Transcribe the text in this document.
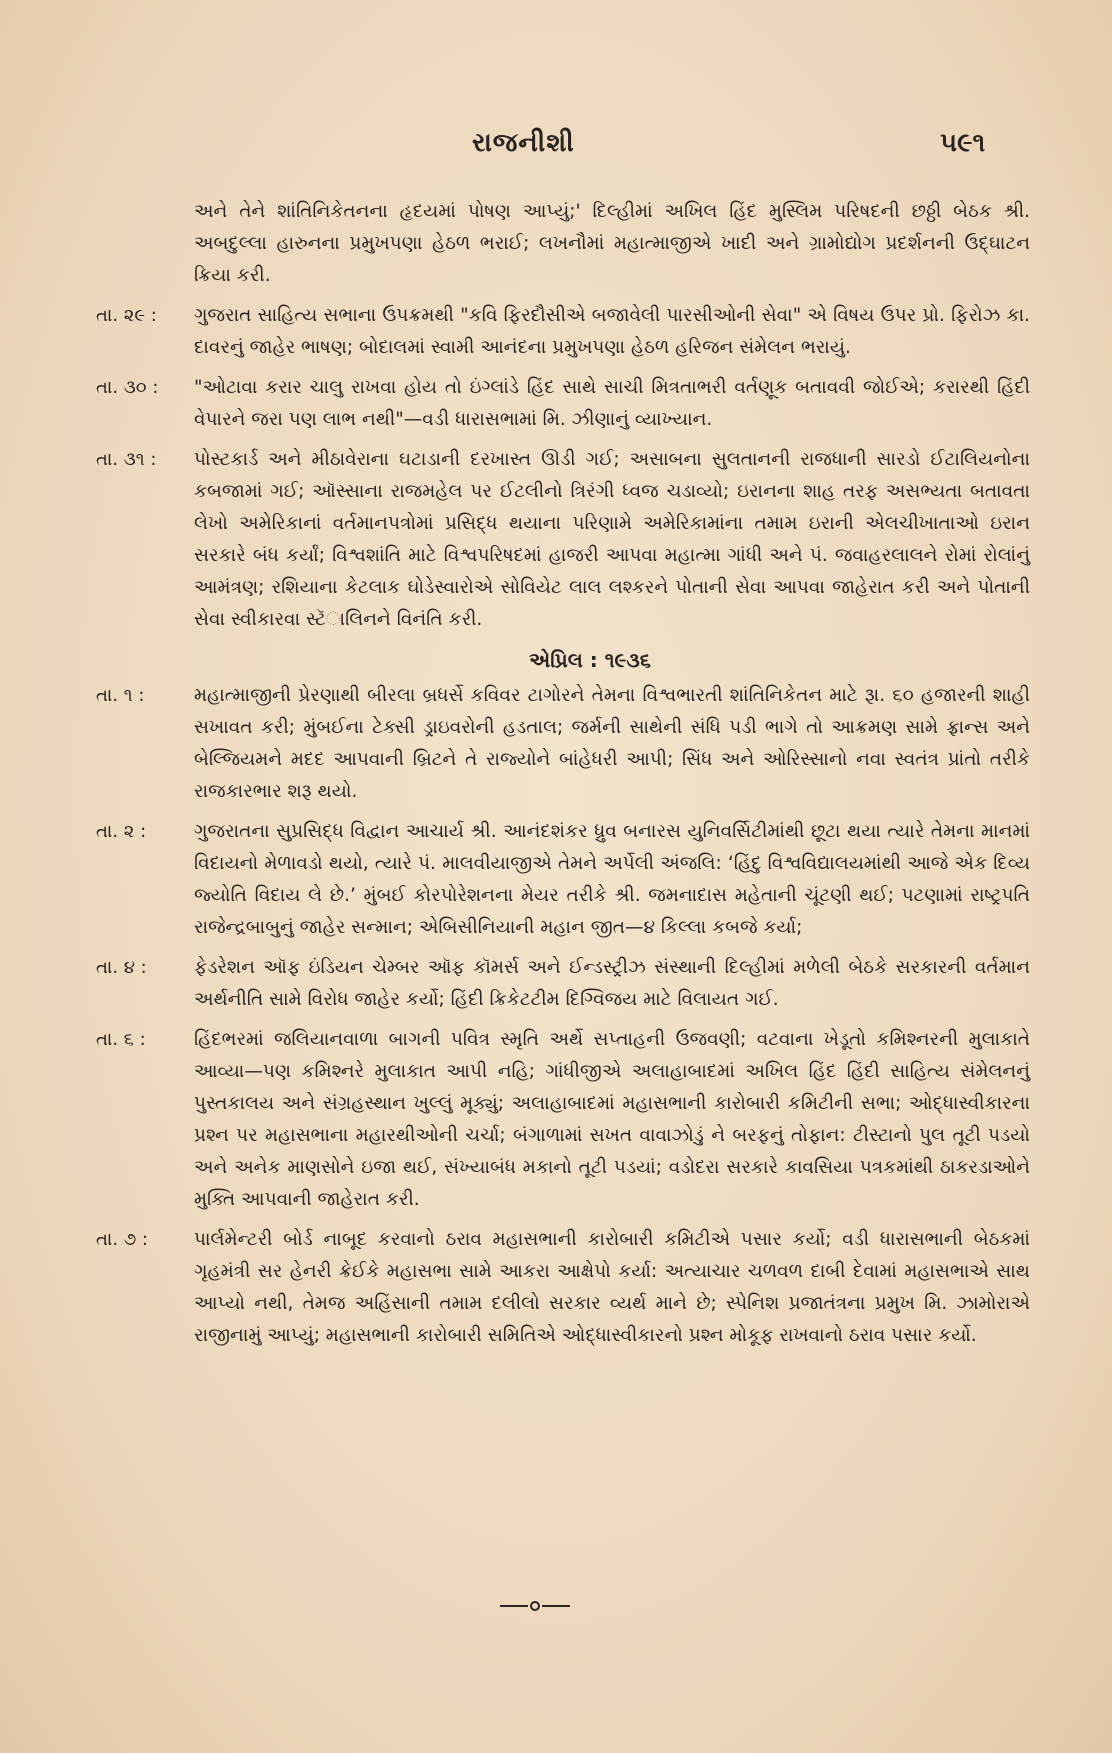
રાજનીશી	૫૯૧
અને તેને શાંતિનિકેતનના હૃદયમાં પોષણ આપ્યું;' દિલ્હીમાં અખિલ હિંદ મુસ્લિમ પરિષદની છઠ્ઠી બેઠક શ્રી. અબદુલ્લા હારુનના પ્રમુખપણા હેઠળ ભરાઈ; લખનૌમાં મહાત્માજીએ ખાદી અને ગ્રામોદ્યોગ પ્રદર્શનની ઉદ્‌ઘાટન ક્રિયા કરી.
તા. ૨૯ :	ગુજરાત સાહિત્ય સભાના ઉપક્રમથી "કવિ ફિરદૌસીએ બજાવેલી પારસીઓની સેવા" એ વિષય ઉપર પ્રો. ફિરોઝ કા. દાવરનું જાહેર ભાષણ; બોદાલમાં સ્વામી આનંદના પ્રમુખપણા હેઠળ હરિજન સંમેલન ભરાયું.
તા. ૩૦ :	"ઓટાવા કરાર ચાલુ રાખવા હોય તો ઇંગ્લાંડે હિંદ સાથે સાચી મિત્રતાભરી વર્તણૂક બતાવવી જોઈએ; કરારથી હિંદી વેપારને જરા પણ લાભ નથી"—વડી ધારાસભામાં મિ. ઝીણાનું વ્યાખ્યાન.
તા. ૩૧ :	પોસ્ટકાર્ડ અને મીઠાવેરાના ઘટાડાની દરખાસ્ત ઊડી ગઈ; અસાબના સુલતાનની રાજધાની સારડો ઈટાલિયનોના કબજામાં ગઈ; ઑસ્સાના રાજમહેલ પર ઈટલીનો ત્રિરંગી ધ્વજ ચડાવ્યો; ઇરાનના શાહ તરફ અસભ્યતા બતાવતા લેખો અમેરિકાનાં વર્તમાનપત્રોમાં પ્રસિદ્ધ થયાના પરિણામે અમેરિકામાંના તમામ ઇરાની એલચીખાતાઓ ઇરાન સરકારે બંધ કર્યાં; વિશ્વશાંતિ માટે વિશ્વપરિષદમાં હાજરી આપવા મહાત્મા ગાંધી અને પં. જવાહરલાલને રોમાં રોલાંનું આમંત્રણ; રશિયાના કેટલાક ઘોડેસ્વારોએ સોવિયેટ લાલ લશ્કરને પોતાની સેવા આપવા જાહેરાત કરી અને પોતાની સેવા સ્વીકારવા સ્ટૅાલિનને વિનંતિ કરી.
એપ્રિલ : ૧૯૩૬
તા. ૧ :	મહાત્માજીની પ્રેરણાથી બીરલા બ્રધર્સે કવિવર ટાગોરને તેમના વિશ્વભારતી શાંતિનિકેતન માટે રૂા. ૬૦ હજારની શાહી સખાવત કરી; મુંબઈના ટેક્સી ડ્રાઇવરોની હડતાલ; જર્મની સાથેની સંધિ પડી ભાગે તો આક્રમણ સામે ફ્રાન્સ અને બેલ્જિયમને મદદ આપવાની બ્રિટને તે રાજ્યોને બાંહેધરી આપી; સિંધ અને ઓરિસ્સાનો નવા સ્વતંત્ર પ્રાંતો તરીકે રાજકારભાર શરૂ થયો.
તા. ૨ :	ગુજરાતના સુપ્રસિદ્ધ વિદ્વાન આચાર્ય શ્રી. આનંદશંકર ધ્રુવ બનારસ યુનિવર્સિટીમાંથી છૂટા થયા ત્યારે તેમના માનમાં વિદાયનો મેળાવડો થયો, ત્યારે પં. માલવીયાજીએ તેમને અર્પેલી અંજલિ: ‘હિંદુ વિશ્વવિદ્યાલયમાંથી આજે એક દિવ્ય જ્યોતિ વિદાય લે છે.’ મુંબઈ કોરપોરેશનના મેયર તરીકે શ્રી. જમનાદાસ મહેતાની ચૂંટણી થઈ; પટણામાં રાષ્ટ્રપતિ રાજેન્દ્રબાબુનું જાહેર સન્માન; એબિસીનિયાની મહાન જીત—૪ કિલ્લા કબજે કર્યા;
તા. ૪ :	ફેડરેશન ઑફ ઇંડિયન ચેમ્બર ઑફ કૉમર્સ અને ઈન્ડસ્ટ્રીઝ સંસ્થાની દિલ્હીમાં મળેલી બેઠકે સરકારની વર્તમાન અર્થનીતિ સામે વિરોધ જાહેર કર્યો; હિંદી ક્રિકેટટીમ દિગ્વિજય માટે વિલાયત ગઈ.
તા. ૬ :	હિંદભરમાં જલિયાનવાળા બાગની પવિત્ર સ્મૃતિ અર્થે સપ્તાહની ઉજવણી; વટવાના ખેડૂતો કમિશ્નરની મુલાકાતે આવ્યા—પણ કમિશ્નરે મુલાકાત આપી નહિ; ગાંધીજીએ અલાહાબાદમાં અખિલ હિંદ હિંદી સાહિત્ય સંમેલનનું પુસ્તકાલય અને સંગ્રહસ્થાન ખુલ્લું મૂક્યું; અલાહાબાદમાં મહાસભાની કારોબારી કમિટીની સભા; ઓદ્ધાસ્વીકારના પ્રશ્ન પર મહાસભાના મહારથીઓની ચર્ચા; બંગાળામાં સખત વાવાઝોડું ને બરફનું તોફાન: ટીસ્ટાનો પુલ તૂટી પડયો અને અનેક માણસોને ઇજા થઈ, સંખ્યાબંધ મકાનો તૂટી પડયાં; વડોદરા સરકારે કાવસિયા પત્રકમાંથી ઠાકરડાઓને મુક્તિ આપવાની જાહેરાત કરી.
તા. ૭ :	પાર્લમેન્ટરી બોર્ડ નાબૂદ કરવાનો ઠરાવ મહાસભાની કારોબારી કમિટીએ પસાર કર્યો; વડી ધારાસભાની બેઠકમાં ગૃહમંત્રી સર હેનરી ક્રેઈકે મહાસભા સામે આકરા આક્ષેપો કર્યા: અત્યાચાર ચળવળ દાબી દેવામાં મહાસભાએ સાથ આપ્યો નથી, તેમજ અહિંસાની તમામ દલીલો સરકાર વ્યર્થ માને છે; સ્પેનિશ પ્રજાતંત્રના પ્રમુખ મિ. ઝામોરાએ રાજીનામું આપ્યું; મહાસભાની કારોબારી સમિતિએ ઓદ્ધાસ્વીકારનો પ્રશ્ન મોકૂફ રાખવાનો ઠરાવ પસાર કર્યો.
